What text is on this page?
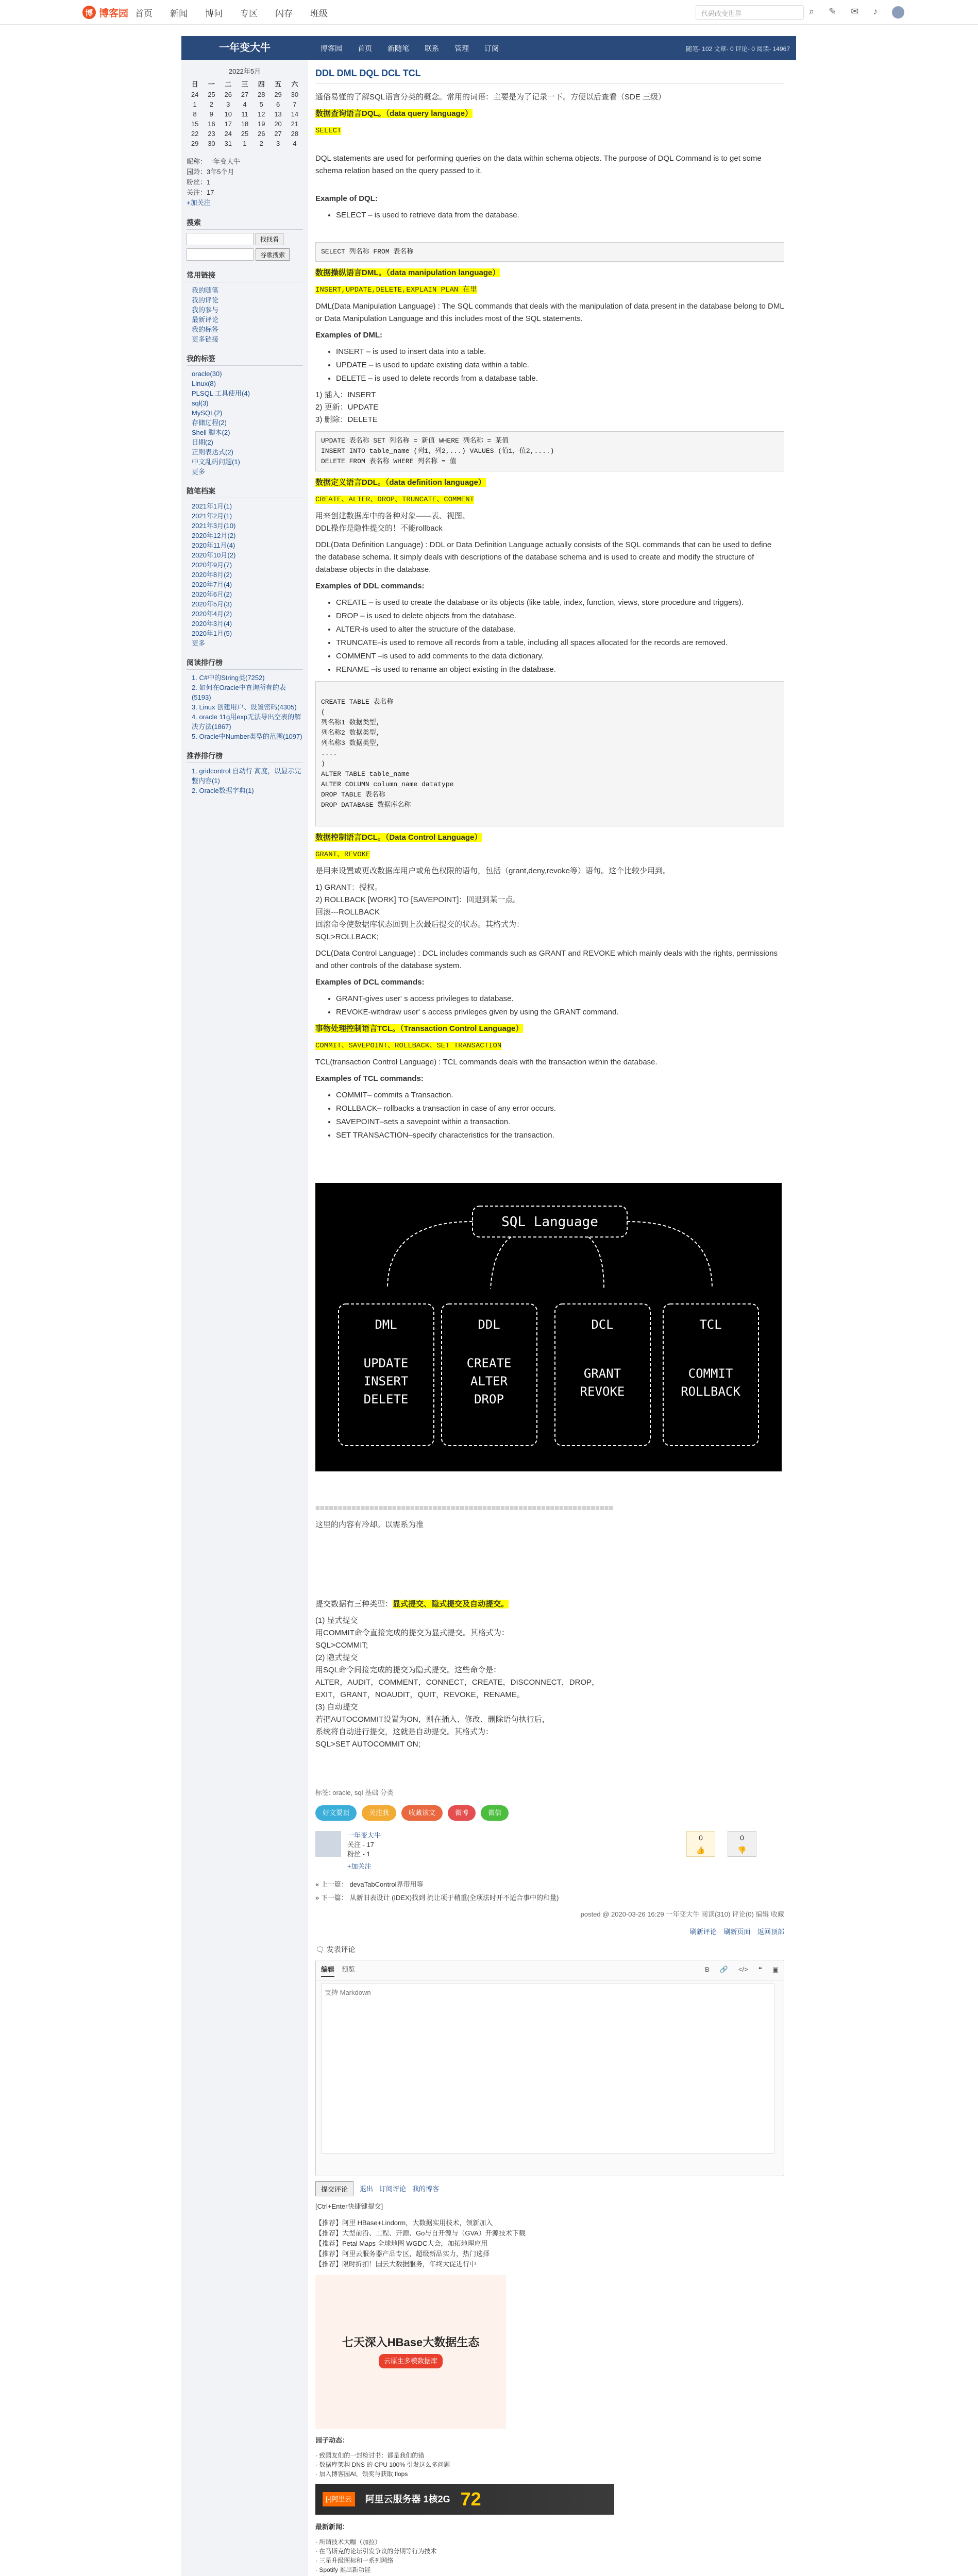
博 博客园 首页 新闻 博问 专区 闪存 班级	代码改变世界	⌕ ✎ ✉ ♪
一年变大牛	博客园 首页 新随笔 联系 管理 订阅	随笔- 102 文章- 0 评论- 0 阅读- 14967
2022年5月
日	一	二	三	四	五	六
24	25	26	27	28	29	30
1	2	3	4	5	6	7
8	9	10	11	12	13	14
15	16	17	18	19	20	21
22	23	24	25	26	27	28
29	30	31	1	2	3	4
昵称：一年变大牛
园龄：3年5个月
粉丝：1
关注：17
+加关注
搜索
找找看
谷歌搜索
常用链接
我的随笔
我的评论
我的参与
最新评论
我的标签
更多链接
我的标签
oracle(30)
Linux(8)
PLSQL 工具使用(4)
sql(3)
MySQL(2)
存储过程(2)
Shell 脚本(2)
日期(2)
正则表达式(2)
中文乱码问题(1)
更多
随笔档案
2021年1月(1)
2021年2月(1)
2021年3月(10)
2020年12月(2)
2020年11月(4)
2020年10月(2)
2020年9月(7)
2020年8月(2)
2020年7月(4)
2020年6月(2)
2020年5月(3)
2020年4月(2)
2020年3月(4)
2020年1月(5)
更多
阅读排行榜
1. C#中的String类(7252)
2. 如何在Oracle中查询所有的表(5193)
3. Linux 创建用户、设置密码(4305)
4. oracle 11g用exp无法导出空表的解决方法(1867)
5. Oracle中Number类型的范围(1097)
推荐排行榜
1. gridcontrol 自动行 高度，以显示完整内容(1)
2. Oracle数据字典(1)
DDL DML DQL DCL TCL

通俗易懂的了解SQL语言分类的概念。常用的词语：主要是为了记录一下。方便以后查看（SDE 三级）

数据查询语言DQL。（data query language）

SELECT

DQL statements are used for performing queries on the data within schema objects. The purpose of DQL Command is to get some schema relation based on the query passed to it.

Example of DQL:

• SELECT – is used to retrieve data from the database.
SELECT 列名称 FROM 表名称

数据操纵语言DML。（data manipulation language）

INSERT,UPDATE,DELETE,EXPLAIN PLAN 在里

DML(Data Manipulation Language) : The SQL commands that deals with the manipulation of data present in the database belong to DML or Data Manipulation Language and this includes most of the SQL statements.

Examples of DML:

• INSERT – is used to insert data into a table.
• UPDATE – is used to update existing data within a table.
• DELETE – is used to delete records from a database table.
1) 插入：INSERT
2) 更新：UPDATE
3) 删除：DELETE
UPDATE 表名称 SET 列名称 = 新值 WHERE 列名称 = 某值
INSERT INTO table_name (列1，列2,...) VALUES (值1，值2,....)
DELETE FROM 表名称 WHERE 列名称 = 值

数据定义语言DDL。（data definition language）

CREATE、ALTER、DROP、TRUNCATE、COMMENT

用来创建数据库中的各种对象——表、视图、

DDL操作是隐性提交的！不能rollback

DDL(Data Definition Language) : DDL or Data Definition Language actually consists of the SQL commands that can be used to define the database schema. It simply deals with descriptions of the database schema and is used to create and modify the structure of database objects in the database.

Examples of DDL commands:

• CREATE – is used to create the database or its objects (like table, index, function, views, store procedure and triggers).
• DROP – is used to delete objects from the database.
• ALTER-is used to alter the structure of the database.
• TRUNCATE–is used to remove all records from a table, including all spaces allocated for the records are removed.
• COMMENT –is used to add comments to the data dictionary.
• RENAME –is used to rename an object existing in the database.
CREATE TABLE 表名称
(
列名称1 数据类型,
列名称2 数据类型,
列名称3 数据类型,
....
)
ALTER TABLE table_name
ALTER COLUMN column_name datatype
DROP TABLE 表名称
DROP DATABASE 数据库名称

数据控制语言DCL。（Data Control Language）

GRANT、REVOKE

是用来设置或更改数据库用户或角色权限的语句，包括（grant,deny,revoke等）语句。这个比较少用到。

1) GRANT：授权。
2) ROLLBACK [WORK] TO [SAVEPOINT]：回退到某一点。
回滚---ROLLBACK
回滚命令使数据库状态回到上次最后提交的状态。其格式为：
SQL>ROLLBACK;

DCL(Data Control Language) : DCL includes commands such as GRANT and REVOKE which mainly deals with the rights, permissions and other controls of the database system.

Examples of DCL commands:

• GRANT-gives user' s access privileges to database.
• REVOKE-withdraw user' s access privileges given by using the GRANT command.

事物处理控制语言TCL。（Transaction Control Language）

COMMIT、SAVEPOINT、ROLLBACK、SET TRANSACTION

TCL(transaction Control Language) : TCL commands deals with the transaction within the database.

Examples of TCL commands:

• COMMIT– commits a Transaction.
• ROLLBACK– rollbacks a transaction in case of any error occurs.
• SAVEPOINT–sets a savepoint within a transaction.
• SET TRANSACTION–specify characteristics for the transaction.
SQL Language
DML
UPDATE
INSERT
DELETE
DDL
CREATE
ALTER
DROP
DCL
GRANT
REVOKE
TCL
COMMIT
ROLLBACK

==================================================================

这里的内容有冷却。以需系为准

提交数据有三种类型：显式提交、隐式提交及自动提交。

(1) 显式提交
用COMMIT命令直接完成的提交为显式提交。其格式为：
SQL>COMMIT;
(2) 隐式提交
用SQL命令间接完成的提交为隐式提交。这些命令是：
ALTER，AUDIT，COMMENT，CONNECT，CREATE，DISCONNECT，DROP，
EXIT，GRANT，NOAUDIT，QUIT，REVOKE，RENAME。
(3) 自动提交
若把AUTOCOMMIT设置为ON，则在插入、修改、删除语句执行后，
系统将自动进行提交，这就是自动提交。其格式为：
SQL>SET AUTOCOMMIT ON;

标签: oracle, sql 基础 分类

好文要顶	关注我	收藏该文	微博	微信
一年变大牛
关注 - 17
粉丝 - 1
+加关注
0
👍
0
👎

« 上一篇： devaTabControl界带用等

» 下一篇： 从新旧表设计 (IDEX)找到 流让项于稍重(全项法时开不适合事中的和量)

posted @ 2020-03-26 16:29 一年变大牛 阅读(310) 评论(0) 编辑 收藏

刷新评论 刷新页面 返回顶部
🗨 发表评论
编辑 预览	B 🔗 </> ❝ ▣
支持 Markdown
提交评论	退出 订阅评论 我的博客

[Ctrl+Enter快捷键提交]

【推荐】阿里 HBase+Lindorm，大数据实用技术，领新加入
【推荐】大型前沿、工程、开源、Go与自开源与（GVA）开源技术下载
【推荐】Petal Maps 全球地图 WGDC大会，加拓地理应用
【推荐】阿里云服务器产品专区，超级新品实力，热门选择
【推荐】限时折扣！国云大数据服务，年终大促进行中
七天深入HBase大数据生态
云原生多模数据库

园子动态：

· 致园友们的一封检讨书：都是我们的错
· 数据库架构 DNS 的 CPU 100% 引发这么多问题
· 加入博客园AI，领奖与获取 flops
[-]阿里云	阿里云服务器 1核2G 72

最新新闻：

· 所谓技术大咖（加拉）
· 在马斯克的论坛引发争议的分期等行为技术
· 三星升级图标和一系列网络
· Spotify 推出新功能
